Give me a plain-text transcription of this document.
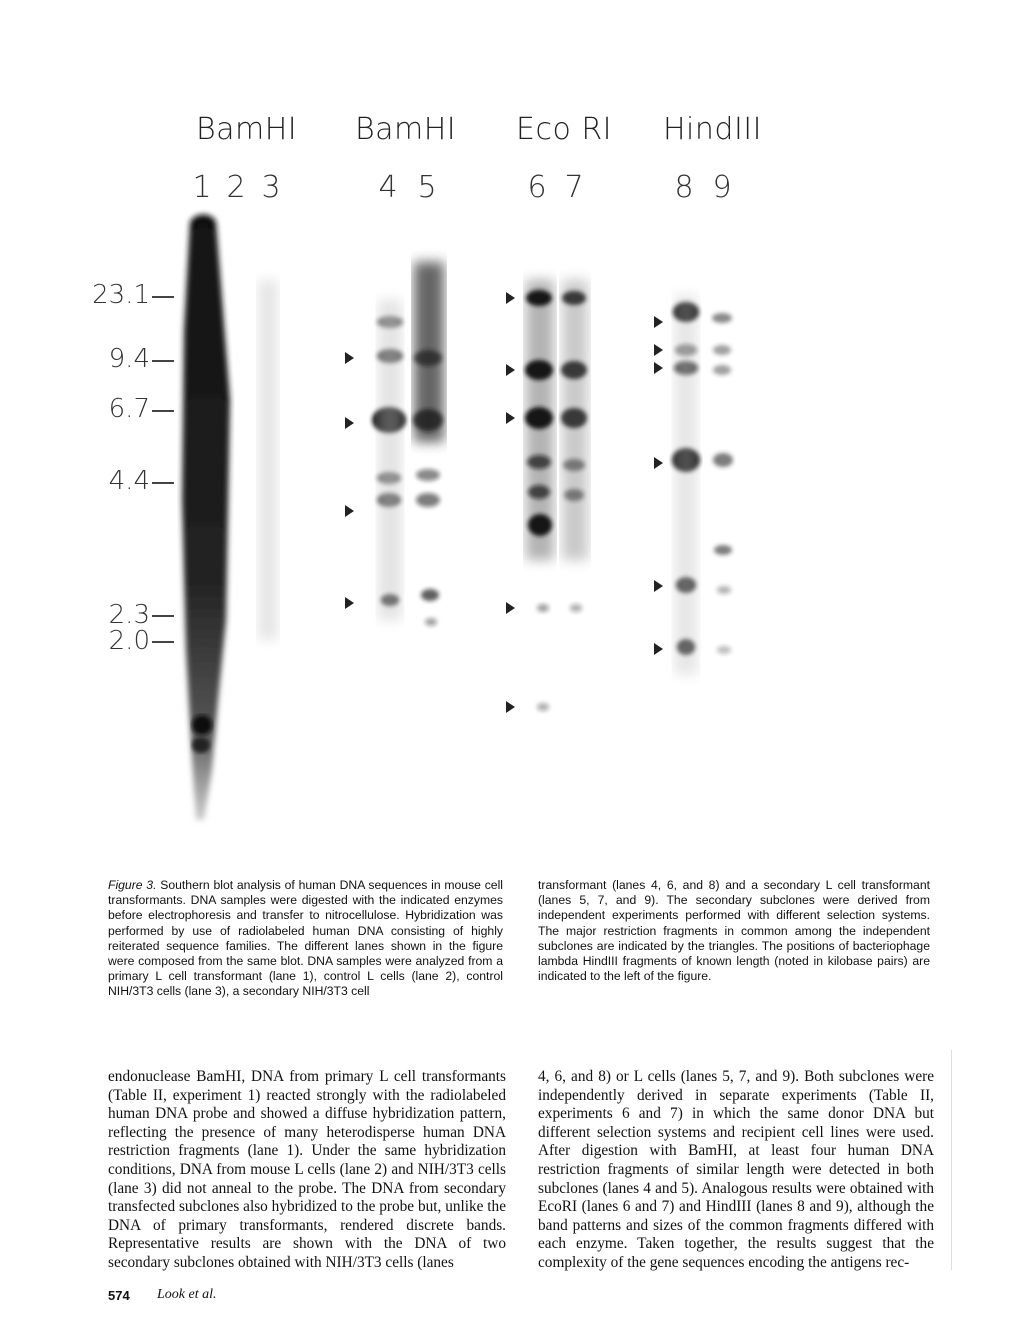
BamHI BamHI Eco RI HindIII
1 2 3	4 5	6 7	8 9
23.1
9.4
6.7
4.4
2.3
2.0
Figure 3. Southern blot analysis of human DNA sequences in mouse cell transformants. DNA samples were digested with the indicated enzymes before electrophoresis and transfer to nitrocellulose. Hybridization was performed by use of radiolabeled human DNA consisting of highly reiterated sequence families. The different lanes shown in the figure were composed from the same blot. DNA samples were analyzed from a primary L cell transformant (lane 1), control L cells (lane 2), control NIH/3T3 cells (lane 3), a secondary NIH/3T3 cell
transformant (lanes 4, 6, and 8) and a secondary L cell transformant (lanes 5, 7, and 9). The secondary subclones were derived from independent experiments performed with different selection systems. The major restriction fragments in common among the independent subclones are indicated by the triangles. The positions of bacteriophage lambda HindIII fragments of known length (noted in kilobase pairs) are indicated to the left of the figure.
endonuclease BamHI, DNA from primary L cell transformants (Table II, experiment 1) reacted strongly with the radiolabeled human DNA probe and showed a diffuse hybridization pattern, reflecting the presence of many heterodisperse human DNA restriction fragments (lane 1). Under the same hybridization conditions, DNA from mouse L cells (lane 2) and NIH/3T3 cells (lane 3) did not anneal to the probe. The DNA from secondary transfected subclones also hybridized to the probe but, unlike the DNA of primary transformants, rendered discrete bands. Representative results are shown with the DNA of two secondary subclones obtained with NIH/3T3 cells (lanes
4, 6, and 8) or L cells (lanes 5, 7, and 9). Both subclones were independently derived in separate experiments (Table II, experiments 6 and 7) in which the same donor DNA but different selection systems and recipient cell lines were used. After digestion with BamHI, at least four human DNA restriction fragments of similar length were detected in both subclones (lanes 4 and 5). Analogous results were obtained with EcoRI (lanes 6 and 7) and HindIII (lanes 8 and 9), although the band patterns and sizes of the common fragments differed with each enzyme. Taken together, the results suggest that the complexity of the gene sequences encoding the antigens rec-
574 Look et al.
